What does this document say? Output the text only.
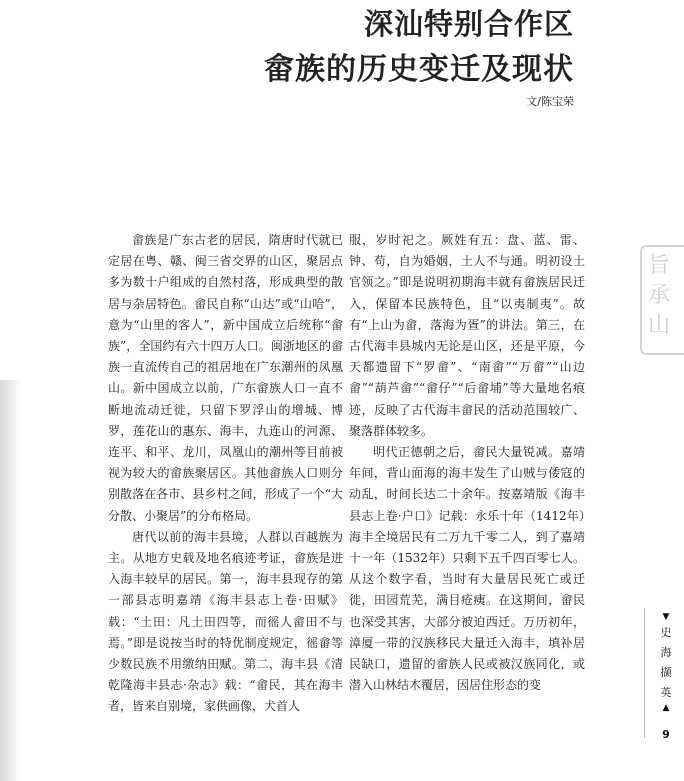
旨
承
山
深汕特别合作区
畲族的历史变迁及现状
文/陈宝荣

畲族是广东古老的居民，隋唐时代就已定居在粤、赣、闽三省交界的山区，聚居点多为数十户组成的自然村落，形成典型的散居与杂居特色。畲民自称“山达”或“山哈”，意为“山里的客人”，新中国成立后统称“畲族”，全国约有六十四万人口。闽浙地区的畲族一直流传自己的祖居地在广东潮州的凤凰山。新中国成立以前，广东畲族人口一直不断地流动迁徙，只留下罗浮山的增城、博罗，莲花山的惠东、海丰，九连山的河源、连平、和平、龙川，凤凰山的潮州等目前被视为较大的畲族聚居区。其他畲族人口则分别散落在各市、县乡村之间，形成了一个“大分散、小聚居”的分布格局。

唐代以前的海丰县境，人群以百越族为主。从地方史载及地名痕迹考证，畲族是进入海丰较早的居民。第一，海丰县现存的第一部县志明嘉靖《海丰县志上卷·田赋》载：“土田：凡土田四等，而徭人畲田不与焉。”即是说按当时的特优制度规定，徭畲等少数民族不用缴纳田赋。第二，海丰县《清乾隆海丰县志·杂志》载：“畲民，其在海丰者，皆来自别境，家供画像，犬首人

服，岁时祀之。厥姓有五：盘、蓝、雷、钟、苟，自为婚姻，土人不与通。明初设土官领之。”即是说明初期海丰就有畲族居民迁入，保留本民族特色，且“以夷制夷”。故有“上山为畲，落海为疍”的讲法。第三，在古代海丰县城内无论是山区，还是平原，今天都遗留下“罗畲”、“南畲”“万畲”“山边畲”“葫芦畲”“畲仔”“后畲埔”等大量地名痕迹，反映了古代海丰畲民的活动范围较广、聚落群体较多。

明代正德朝之后，畲民大量锐减。嘉靖年间，背山面海的海丰发生了山贼与倭寇的动乱，时间长达二十余年。按嘉靖版《海丰县志上卷·户口》记载：永乐十年（1412年）海丰全境居民有二万九千零二人，到了嘉靖十一年（1532年）只剩下五千四百零七人。从这个数字看，当时有大量居民死亡或迁徙，田园荒芜，满目疮痍。在这期间，畲民也深受其害，大部分被迫西迁。万历初年，漳厦一带的汉族移民大量迁入海丰，填补居民缺口，遗留的畲族人民或被汉族同化，或潜入山林结木覆居，因居住形态的变

▼
史
海
撷
英
▲
9
